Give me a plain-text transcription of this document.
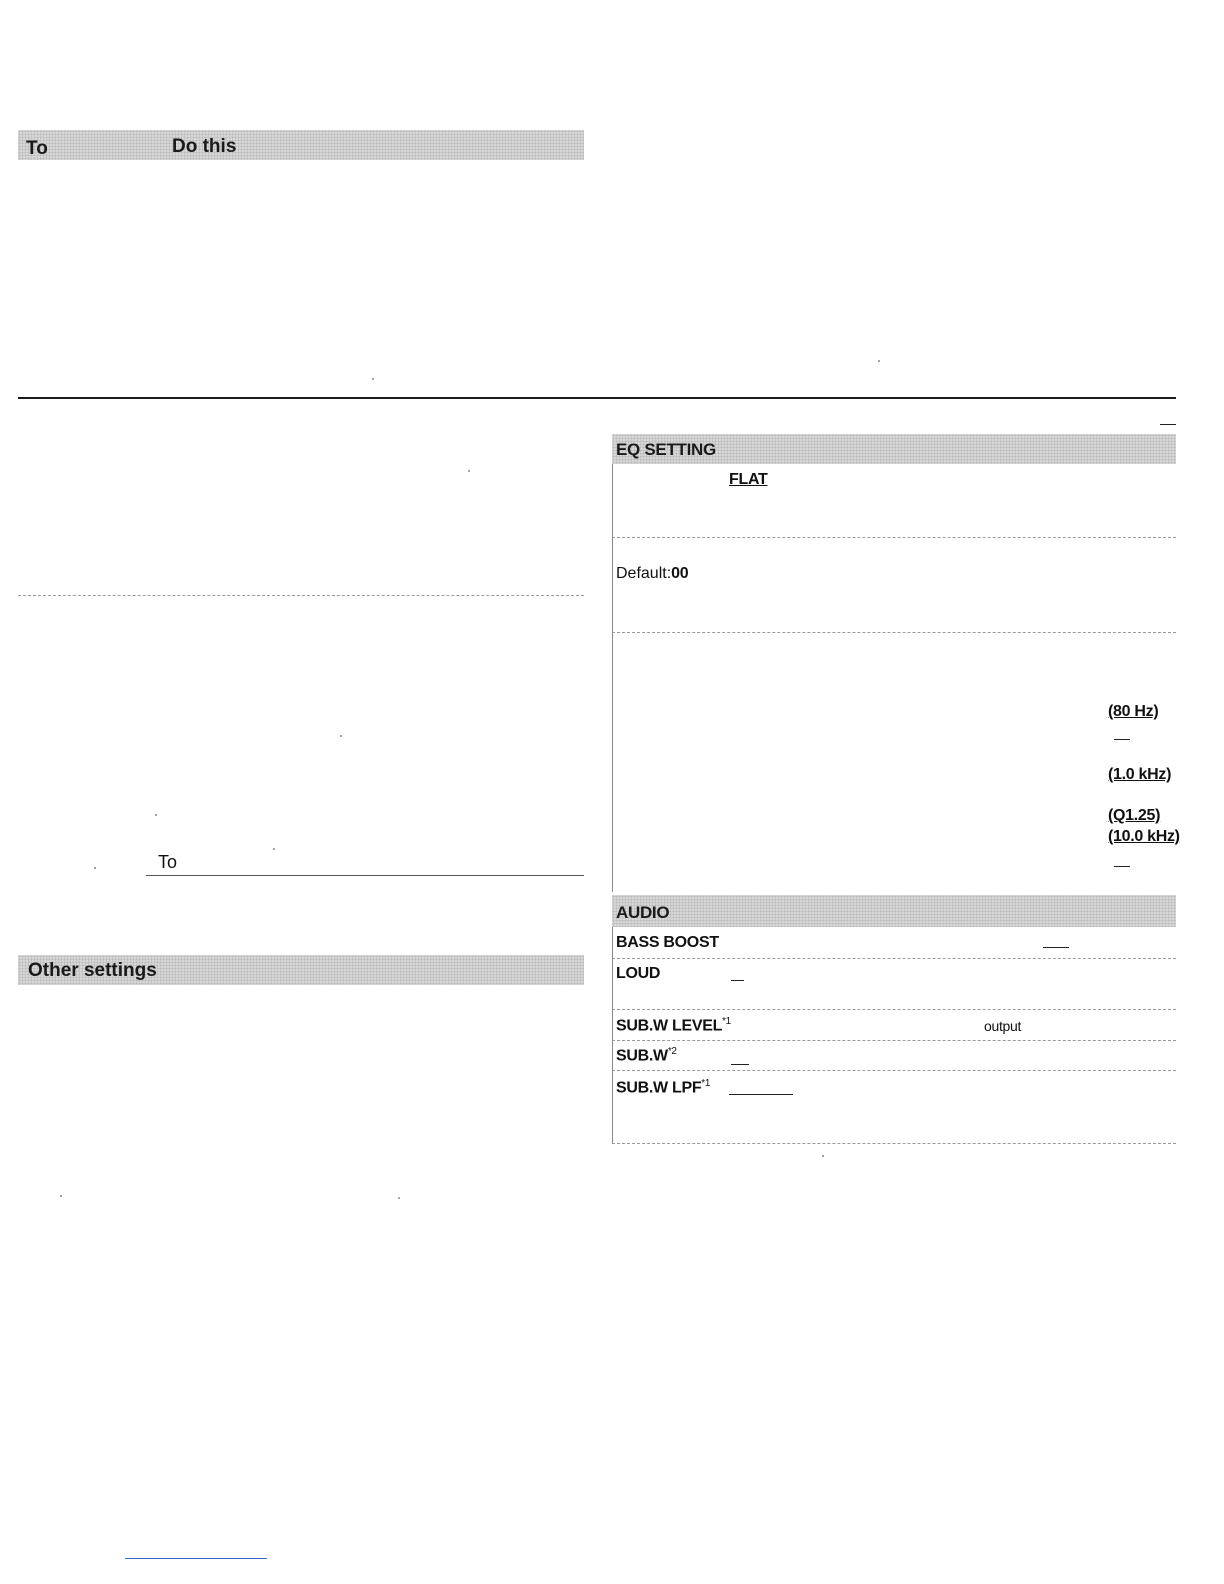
To	Do this
To
Other settings
EQ SETTING
FLAT
Default:00
(80 Hz)
(1.0 kHz)
(Q1.25)
(10.0 kHz)
AUDIO
BASS BOOST
LOUD
SUB.W LEVEL$^{*1}$	output
$SUB.W^{*2}$
SUB.W LPF$^{*1}$
